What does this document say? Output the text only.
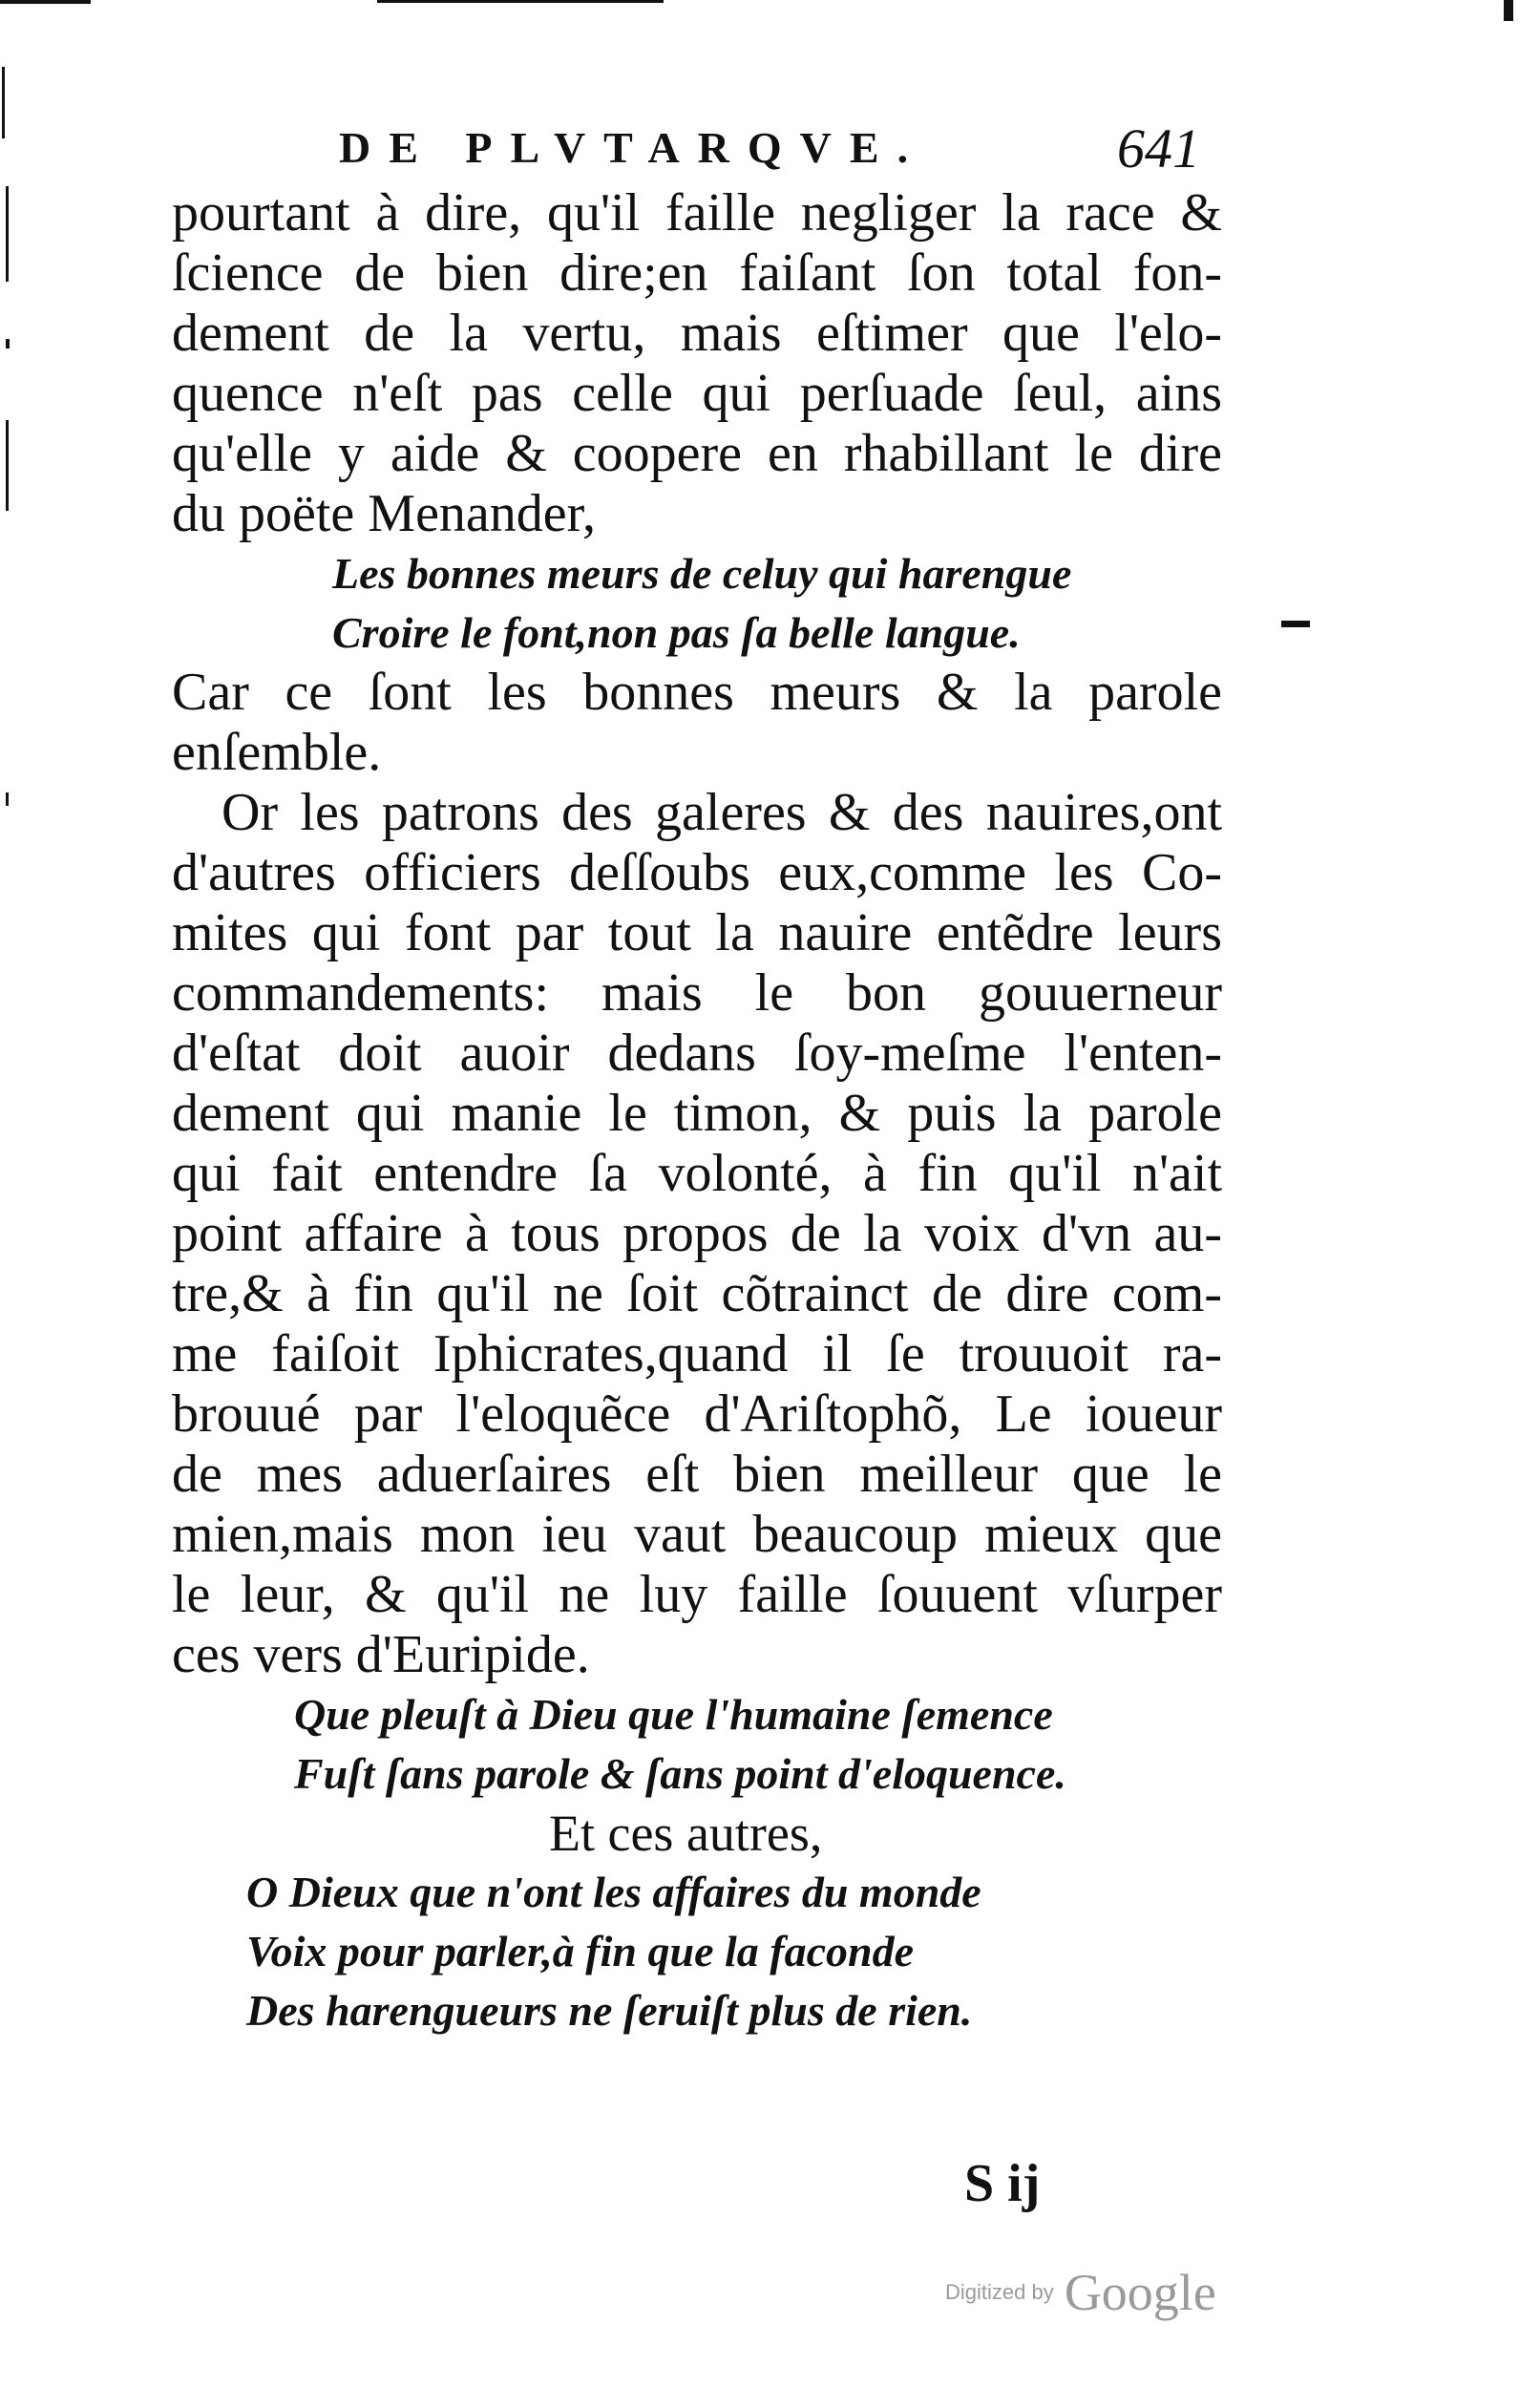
DE PLVTARQVE.	641
pourtant à dire, qu'il faille negliger la race &
ſcience de bien dire;en faiſant ſon total fon-
dement de la vertu, mais eſtimer que l'elo-
quence n'eſt pas celle qui perſuade ſeul, ains
qu'elle y aide & coopere en rhabillant le dire
du poëte Menander,
Les bonnes meurs de celuy qui harengue
Croire le font,non pas ſa belle langue.
Car ce ſont les bonnes meurs & la parole
enſemble.
Or les patrons des galeres & des nauires,ont
d'autres officiers deſſoubs eux,comme les Co-
mites qui font par tout la nauire entẽdre leurs
commandements: mais le bon gouuerneur
d'eſtat doit auoir dedans ſoy-meſme l'enten-
dement qui manie le timon, & puis la parole
qui fait entendre ſa volonté, à fin qu'il n'ait
point affaire à tous propos de la voix d'vn au-
tre,& à fin qu'il ne ſoit cõtrainct de dire com-
me faiſoit Iphicrates,quand il ſe trouuoit ra-
brouué par l'eloquẽce d'Ariſtophõ, Le ioueur
de mes aduerſaires eſt bien meilleur que le
mien,mais mon ieu vaut beaucoup mieux que
le leur, & qu'il ne luy faille ſouuent vſurper
ces vers d'Euripide.
Que pleuſt à Dieu que l'humaine ſemence
Fuſt ſans parole & ſans point d'eloquence.
Et ces autres,
O Dieux que n'ont les affaires du monde
Voix pour parler,à fin que la faconde
Des harengueurs ne ſeruiſt plus de rien.
S ij
Digitized by Google
